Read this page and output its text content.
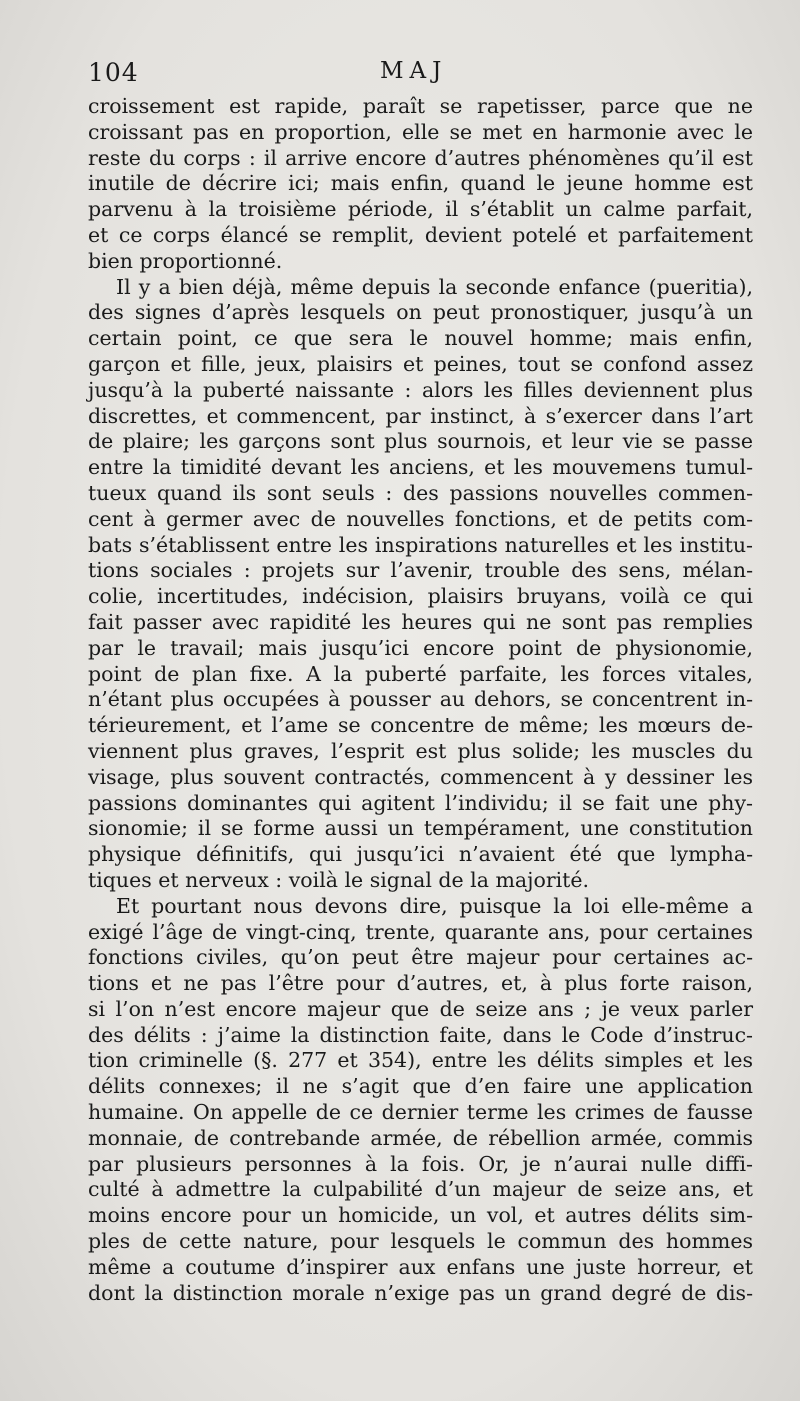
104	MAJ
croissement est rapide, paraît se rapetisser, parce que ne
croissant pas en proportion, elle se met en harmonie avec le
reste du corps : il arrive encore d’autres phénomènes qu’il est
inutile de décrire ici; mais enfin, quand le jeune homme est
parvenu à la troisième période, il s’établit un calme parfait,
et ce corps élancé se remplit, devient potelé et parfaitement
bien proportionné.
Il y a bien déjà, même depuis la seconde enfance (pueritia),
des signes d’après lesquels on peut pronostiquer, jusqu’à un
certain point, ce que sera le nouvel homme; mais enfin,
garçon et fille, jeux, plaisirs et peines, tout se confond assez
jusqu’à la puberté naissante : alors les filles deviennent plus
discrettes, et commencent, par instinct, à s’exercer dans l’art
de plaire; les garçons sont plus sournois, et leur vie se passe
entre la timidité devant les anciens, et les mouvemens tumul-
tueux quand ils sont seuls : des passions nouvelles commen-
cent à germer avec de nouvelles fonctions, et de petits com-
bats s’établissent entre les inspirations naturelles et les institu-
tions sociales : projets sur l’avenir, trouble des sens, mélan-
colie, incertitudes, indécision, plaisirs bruyans, voilà ce qui
fait passer avec rapidité les heures qui ne sont pas remplies
par le travail; mais jusqu’ici encore point de physionomie,
point de plan fixe. A la puberté parfaite, les forces vitales,
n’étant plus occupées à pousser au dehors, se concentrent in-
térieurement, et l’ame se concentre de même; les mœurs de-
viennent plus graves, l’esprit est plus solide; les muscles du
visage, plus souvent contractés, commencent à y dessiner les
passions dominantes qui agitent l’individu; il se fait une phy-
sionomie; il se forme aussi un tempérament, une constitution
physique définitifs, qui jusqu’ici n’avaient été que lympha-
tiques et nerveux : voilà le signal de la majorité.
Et pourtant nous devons dire, puisque la loi elle-même a
exigé l’âge de vingt-cinq, trente, quarante ans, pour certaines
fonctions civiles, qu’on peut être majeur pour certaines ac-
tions et ne pas l’être pour d’autres, et, à plus forte raison,
si l’on n’est encore majeur que de seize ans ; je veux parler
des délits : j’aime la distinction faite, dans le Code d’instruc-
tion criminelle (§. 277 et 354), entre les délits simples et les
délits connexes; il ne s’agit que d’en faire une application
humaine. On appelle de ce dernier terme les crimes de fausse
monnaie, de contrebande armée, de rébellion armée, commis
par plusieurs personnes à la fois. Or, je n’aurai nulle diffi-
culté à admettre la culpabilité d’un majeur de seize ans, et
moins encore pour un homicide, un vol, et autres délits sim-
ples de cette nature, pour lesquels le commun des hommes
même a coutume d’inspirer aux enfans une juste horreur, et
dont la distinction morale n’exige pas un grand degré de dis-
